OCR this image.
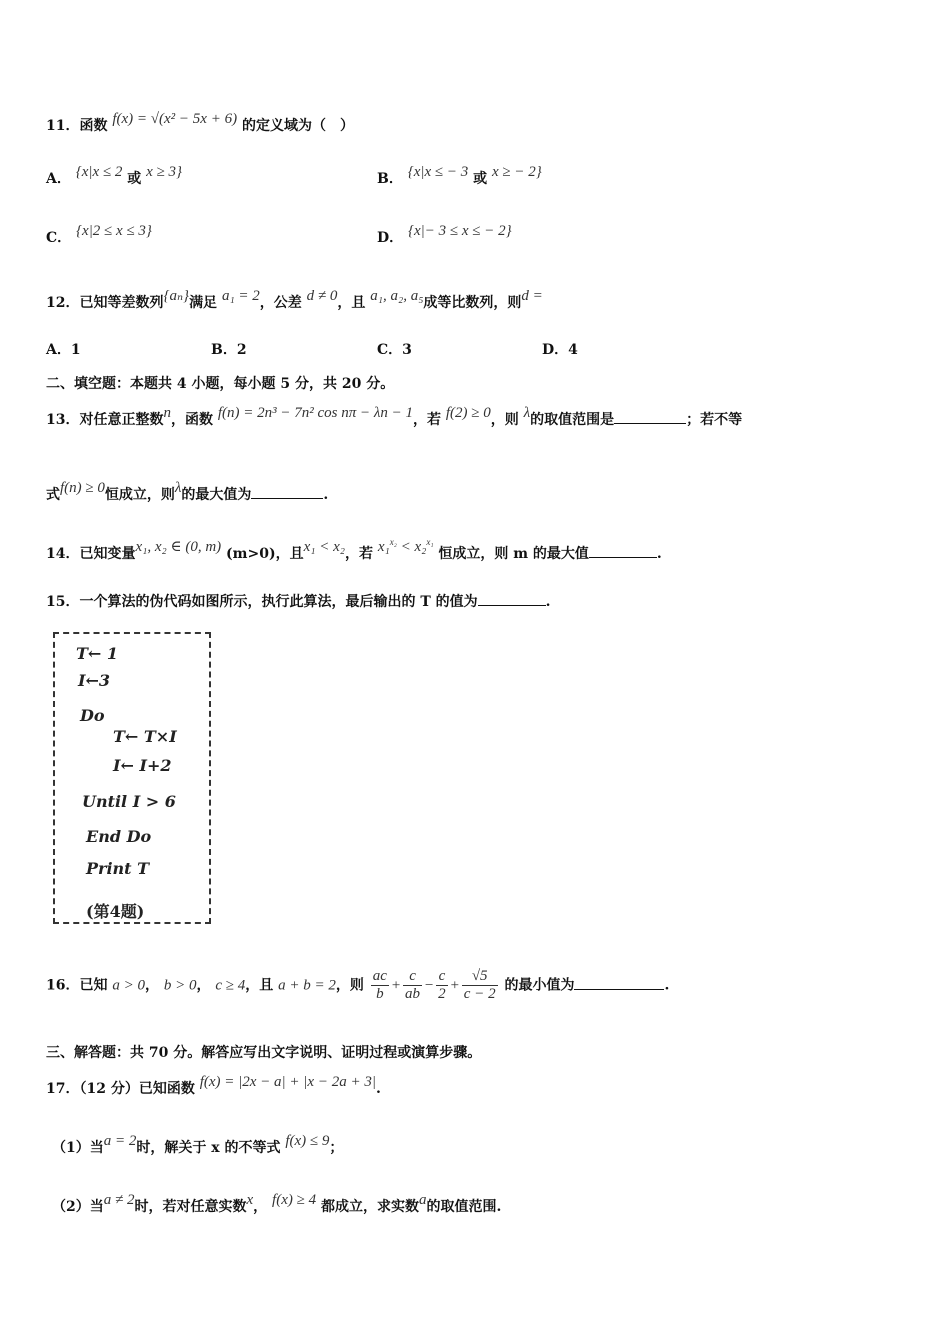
11．函数 f(x) = √(x² − 5x + 6) 的定义域为（　）
A． {x|x ≤ 2 或 x ≥ 3}	B． {x|x ≤ − 3 或 x ≥ − 2}
C． {x|2 ≤ x ≤ 3}	D． {x|− 3 ≤ x ≤ − 2}
12．已知等差数列{aₙ}满足 a₁ = 2，公差 d ≠ 0，且 a₁, a₂, a₅成等比数列，则d =
A．1	B．2	C．3	D．4
二、填空题：本题共 4 小题，每小题 5 分，共 20 分。
13．对任意正整数n，函数 f(n) = 2n³ − 7n² cos nπ − λn − 1，若 f(2) ≥ 0，则 λ的取值范围是	；若不等
式f(n) ≥ 0恒成立，则λ的最大值为	.
14．已知变量x₁, x₂ ∈ (0, m) (m>0)，且x₁ < x₂，若 x₁$^{x_2}$ < x₂$^{x_1}$ 恒成立，则 m 的最大值	.
15．一个算法的伪代码如图所示，执行此算法，最后输出的 T 的值为	.
T← 1
I←3
Do
T← T×I
I← I+2
Until I > 6
End Do
Print T
(第4题)
16．已知 a > 0， b > 0， c ≥ 4，且 a + b = 2，则 $\frac{ac}{b} + \frac{c}{ab} - \frac{c}{2} + \frac{√5}{c - 2}$ 的最小值为	.
三、解答题：共 70 分。解答应写出文字说明、证明过程或演算步骤。
17．（12 分）已知函数 f(x) = |2x − a| + |x − 2a + 3|.
（1）当a = 2时，解关于 x 的不等式 f(x) ≤ 9；
（2）当a ≠ 2时，若对任意实数x， f(x) ≥ 4 都成立，求实数a的取值范围.
